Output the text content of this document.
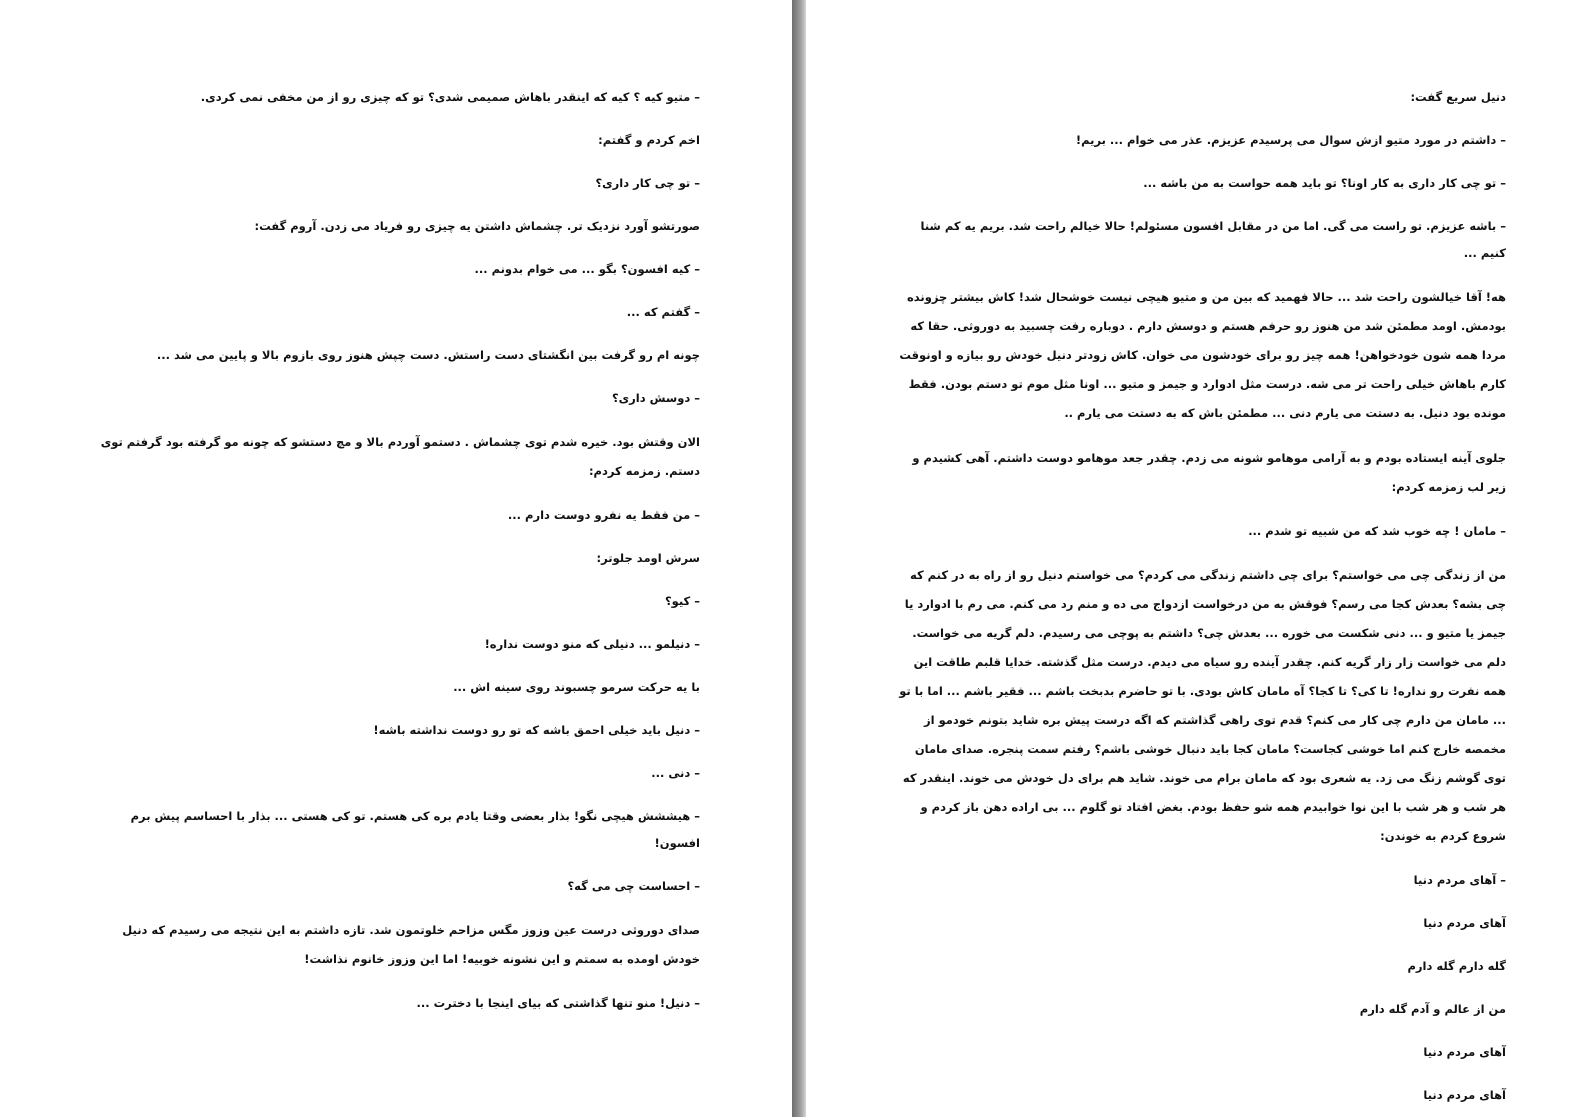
– متیو کیه ؟ کیه که اینقدر باهاش صمیمی شدی؟ تو که چیزی رو از من مخفی نمی کردی.

اخم کردم و گفتم:

– تو چی کار داری؟

صورتشو آورد نزدیک تر. چشماش داشتن یه چیزی رو فریاد می زدن. آروم گفت:

– کیه افسون؟ بگو ... می خوام بدونم ...

– گفتم که ...

چونه ام رو گرفت بین انگشتای دست راستش. دست چپش هنوز روی بازوم بالا و پایین می شد ...

– دوسش داری؟

الان وقتش بود. خیره شدم توی چشماش . دستمو آوردم بالا و مچ دستشو که چونه مو گرفته بود گرفتم توی دستم. زمزمه کردم:

– من فقط یه نفرو دوست دارم ...

سرش اومد جلوتر:

– کیو؟

– دنیلمو ... دنیلی که منو دوست نداره!

با یه حرکت سرمو چسبوند روی سینه اش ...

– دنیل باید خیلی احمق باشه که تو رو دوست نداشته باشه!

– دنی ...

– هیششش هیچی نگو! بذار بعضی وقتا یادم بره کی هستم. تو کی هستی ... بذار با احساسم پیش برم افسون!

– احساست چی می گه؟

صدای دوروثی درست عین وزوز مگس مزاحم خلوتمون شد. تازه داشتم به این نتیجه می رسیدم که دنیل خودش اومده به سمتم و این نشونه خوبیه! اما این وزوز خانوم نذاشت!

– دنیل! منو تنها گذاشتی که بیای اینجا با دخترت ...

دنیل سریع گفت:

– داشتم در مورد متیو ازش سوال می پرسیدم عزیزم. عذر می خوام ... بریم!

– تو چی کار داری به کار اونا؟ تو باید همه حواست به من باشه ...

– باشه عزیزم. تو راست می گی. اما من در مقابل افسون مسئولم! حالا خیالم راحت شد. بریم یه کم شنا کنیم ...

هه! آقا خیالشون راحت شد ... حالا فهمید که بین من و متیو هیچی نیست خوشحال شد! کاش بیشتر چزونده بودمش. اومد مطمئن شد من هنوز رو حرفم هستم و دوسش دارم . دوباره رفت چسبید به دوروثی. حقا که مردا همه شون خودخواهن! همه چیز رو برای خودشون می خوان. کاش زودتر دنیل خودش رو بیازه و اونوقت کارم باهاش خیلی راحت تر می شه. درست مثل ادوارد و جیمز و متیو ... اونا مثل موم تو دستم بودن. فقط مونده بود دنیل. به دستت می یارم دنی ... مطمئن باش که به دستت می یارم ..

جلوی آینه ایستاده بودم و به آرامی موهامو شونه می زدم. چقدر جعد موهامو دوست داشتم. آهی کشیدم و زیر لب زمزمه کردم:

– مامان ! چه خوب شد که من شبیه تو شدم ...

من از زندگی چی می خواستم؟ برای چی داشتم زندگی می کردم؟ می خواستم دنیل رو از راه به در کنم که چی بشه؟ بعدش کجا می رسم؟ فوقش به من درخواست ازدواج می ده و منم رد می کنم. می رم با ادوارد یا جیمز یا متیو و ... دنی شکست می خوره ... بعدش چی؟ داشتم به پوچی می رسیدم. دلم گریه می خواست. دلم می خواست زار زار گریه کنم. چقدر آینده رو سیاه می دیدم. درست مثل گذشته. خدایا قلبم طاقت این همه نفرت رو نداره! تا کی؟ تا کجا؟ آه مامان کاش بودی. با تو حاضرم بدبخت باشم ... فقیر باشم ... اما با تو ... مامان من دارم چی کار می کنم؟ قدم توی راهی گذاشتم که اگه درست پیش بره شاید بتونم خودمو از مخمصه خارج کنم اما خوشی کجاست؟ مامان کجا باید دنبال خوشی باشم؟ رفتم سمت پنجره. صدای مامان توی گوشم زنگ می زد. یه شعری بود که مامان برام می خوند. شاید هم برای دل خودش می خوند. اینقدر که هر شب و هر شب با این نوا خوابیدم همه شو حفظ بودم. بغض افتاد تو گلوم ... بی اراده دهن باز کردم و شروع کردم به خوندن:

– آهای مردم دنیا

آهای مردم دنیا

گله دارم گله دارم

من از عالم و آدم گله دارم

آهای مردم دنیا

آهای مردم دنیا
